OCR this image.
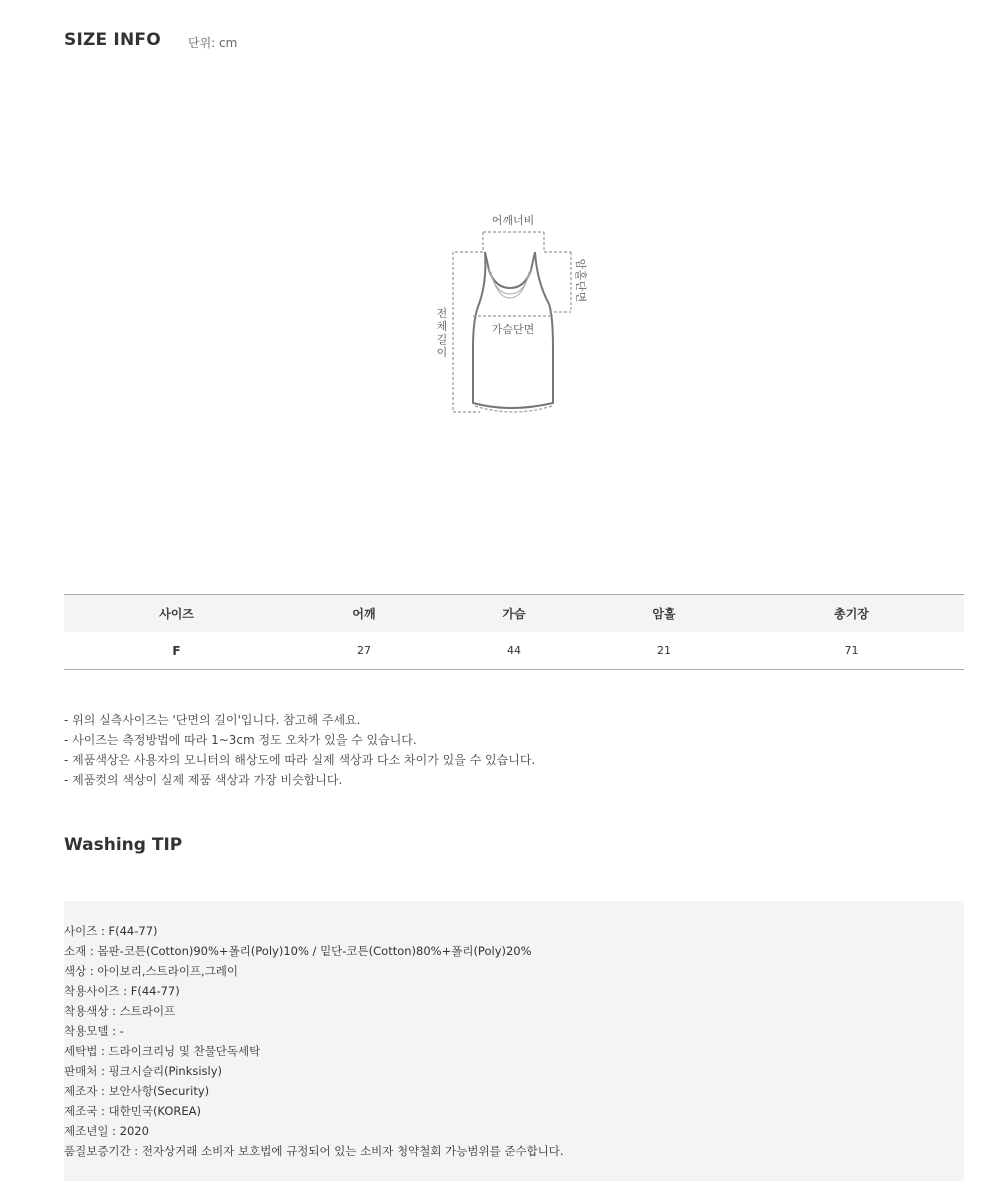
SIZE INFO 단위: cm
어깨너비
가슴단면
암
홀
단
면
전
체
길
이
사이즈	어깨	가슴	암홀	총기장
F	27	44	21	71
- 위의 실측사이즈는 '단면의 길이'입니다. 참고해 주세요.
- 사이즈는 측정방법에 따라 1~3cm 정도 오차가 있을 수 있습니다.
- 제품색상은 사용자의 모니터의 해상도에 따라 실제 색상과 다소 차이가 있을 수 있습니다.
- 제품컷의 색상이 실제 제품 색상과 가장 비슷합니다.
Washing TIP
사이즈 : F(44-77)
소재 : 몸판-코튼(Cotton)90%+폴리(Poly)10% / 밑단-코튼(Cotton)80%+폴리(Poly)20%
색상 : 아이보리,스트라이프,그레이
착용사이즈 : F(44-77)
착용색상 : 스트라이프
착용모델 : -
세탁법 : 드라이크리닝 및 찬물단독세탁
판매처 : 핑크시슬리(Pinksisly)
제조자 : 보안사항(Security)
제조국 : 대한민국(KOREA)
제조년일 : 2020
품질보증기간 : 전자상거래 소비자 보호법에 규정되어 있는 소비자 청약철회 가능범위를 준수합니다.
